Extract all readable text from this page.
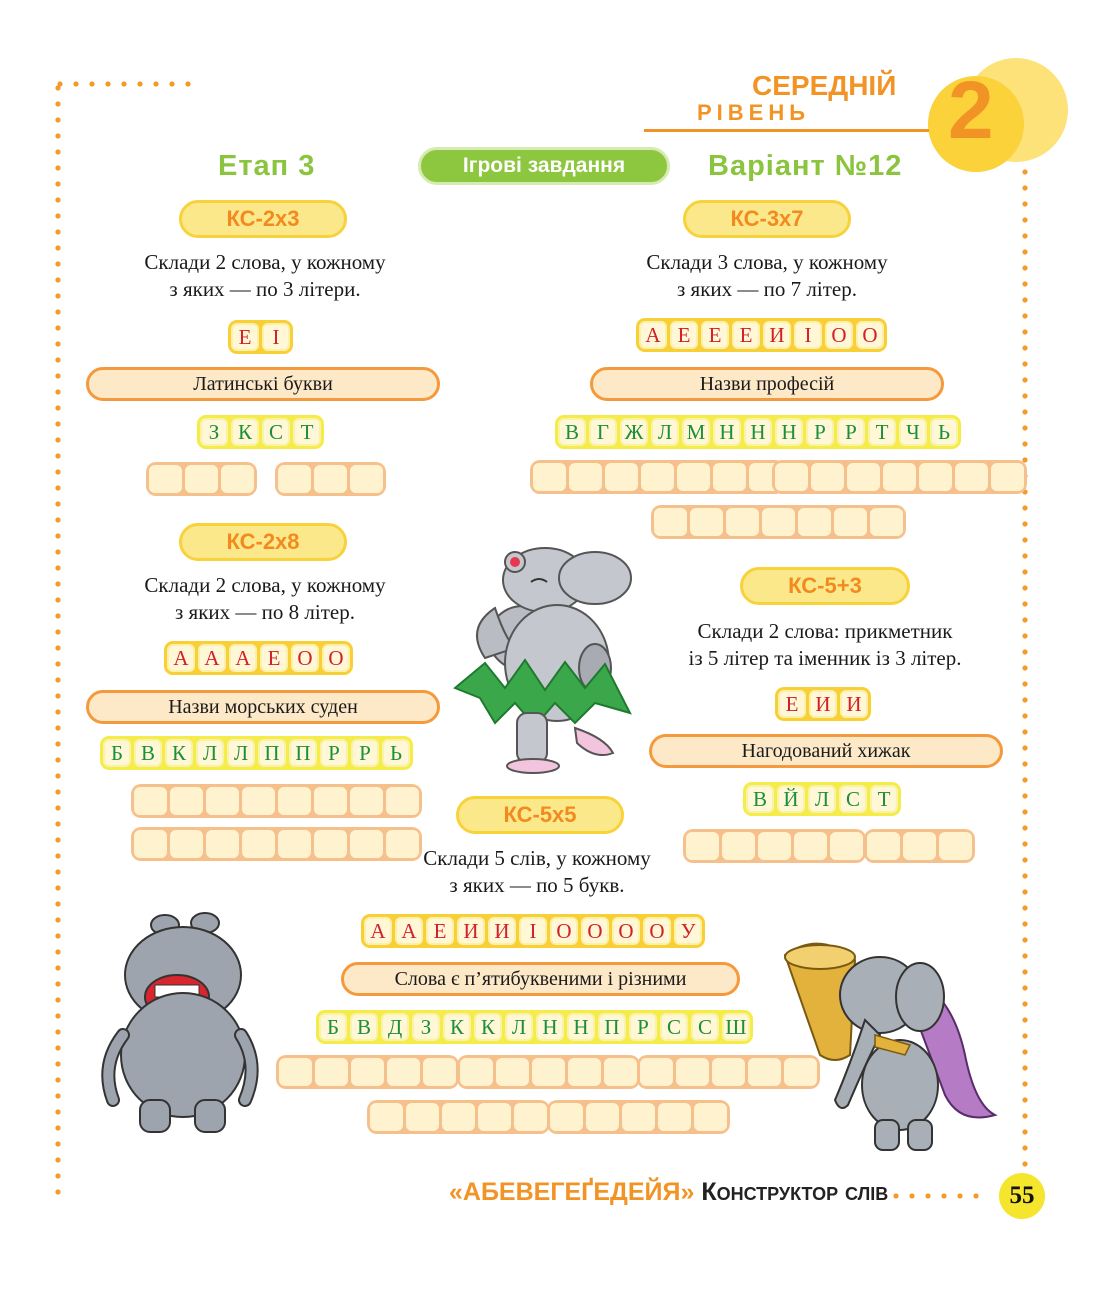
2
СЕРЕДНІЙ
РІВЕНЬ
Етап 3	Ігрові завдання	Варіант №12
КС-2х3
Склади 2 слова, у кожному
з яких — по 3 літери.
Е	І
Латинські букви
З К С Т
КС-3х7
Склади 3 слова, у кожному
з яких — по 7 літер.
А Е Е Е И І О О
Назви професій
В Г Ж Л М Н Н Н Р Р Т Ч Ь
КС-2х8
Склади 2 слова, у кожному
з яких — по 8 літер.
А А А Е О О
Назви морських суден
Б В К Л Л П П Р Р Ь
КС-5+3
Склади 2 слова: прикметник
із 5 літер та іменник із 3 літер.
Е И И
Нагодований хижак
В Й Л С Т
КС-5х5
Склади 5 слів, у кожному
з яких — по 5 букв.
А А Е И И І О О О О У
Слова є п’ятибуквеними і різними
Б В Д З К К Л Н Н П Р С С Ш
«АБЕВЕГЕҐЕДЕЙЯ» Конструктор слів	55
